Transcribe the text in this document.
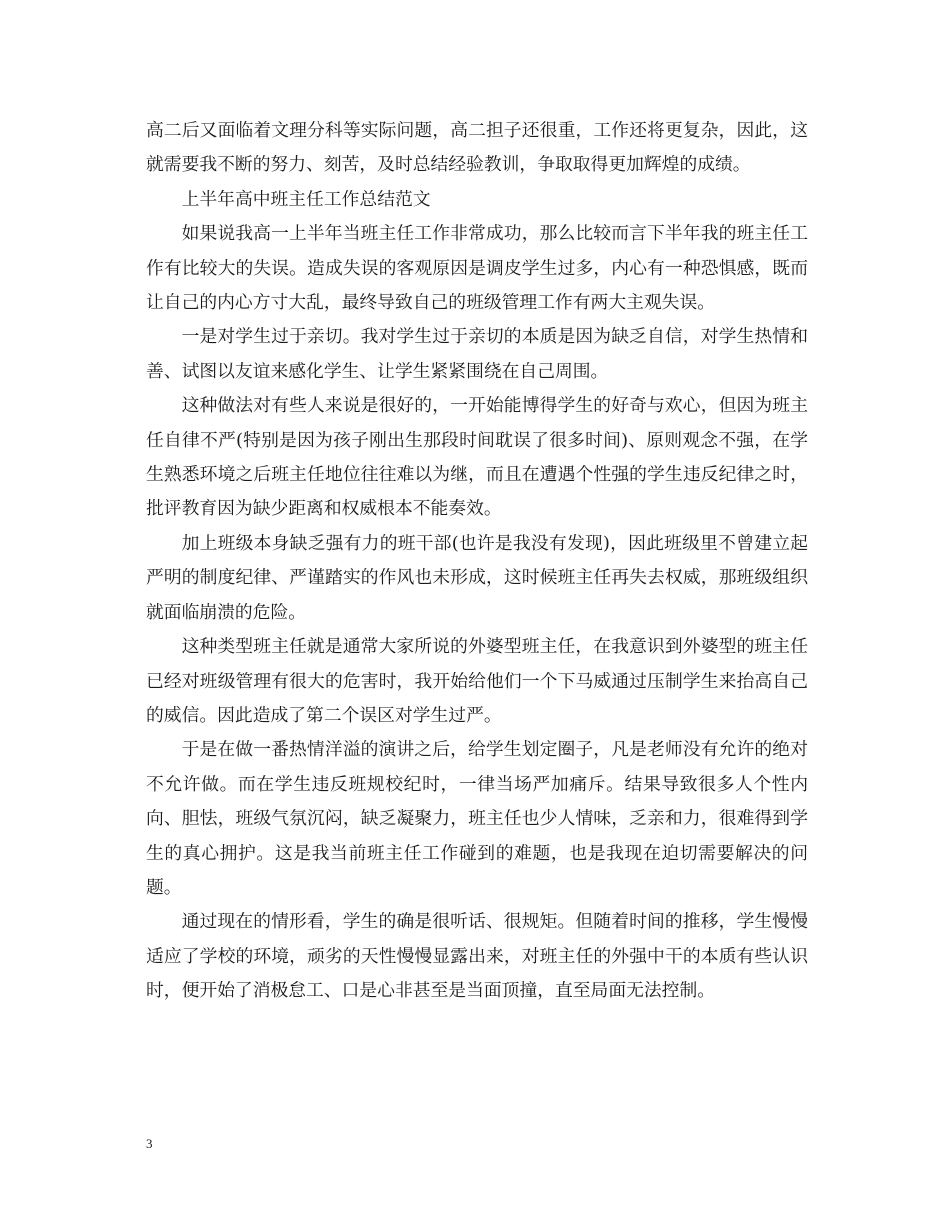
高二后又面临着文理分科等实际问题，高二担子还很重，工作还将更复杂，因此，这就需要我不断的努力、刻苦，及时总结经验教训，争取取得更加辉煌的成绩。

上半年高中班主任工作总结范文

如果说我高一上半年当班主任工作非常成功，那么比较而言下半年我的班主任工作有比较大的失误。造成失误的客观原因是调皮学生过多，内心有一种恐惧感，既而让自己的内心方寸大乱，最终导致自己的班级管理工作有两大主观失误。

一是对学生过于亲切。我对学生过于亲切的本质是因为缺乏自信，对学生热情和善、试图以友谊来感化学生、让学生紧紧围绕在自己周围。

这种做法对有些人来说是很好的，一开始能博得学生的好奇与欢心，但因为班主任自律不严(特别是因为孩子刚出生那段时间耽误了很多时间)、原则观念不强，在学生熟悉环境之后班主任地位往往难以为继，而且在遭遇个性强的学生违反纪律之时，批评教育因为缺少距离和权威根本不能奏效。

加上班级本身缺乏强有力的班干部(也许是我没有发现)，因此班级里不曾建立起严明的制度纪律、严谨踏实的作风也未形成，这时候班主任再失去权威，那班级组织就面临崩溃的危险。

这种类型班主任就是通常大家所说的外婆型班主任，在我意识到外婆型的班主任已经对班级管理有很大的危害时，我开始给他们一个下马威通过压制学生来抬高自己的威信。因此造成了第二个误区对学生过严。

于是在做一番热情洋溢的演讲之后，给学生划定圈子，凡是老师没有允许的绝对不允许做。而在学生违反班规校纪时，一律当场严加痛斥。结果导致很多人个性内向、胆怯，班级气氛沉闷，缺乏凝聚力，班主任也少人情味，乏亲和力，很难得到学生的真心拥护。这是我当前班主任工作碰到的难题，也是我现在迫切需要解决的问题。

通过现在的情形看，学生的确是很听话、很规矩。但随着时间的推移，学生慢慢适应了学校的环境，顽劣的天性慢慢显露出来，对班主任的外强中干的本质有些认识时，便开始了消极怠工、口是心非甚至是当面顶撞，直至局面无法控制。

3
